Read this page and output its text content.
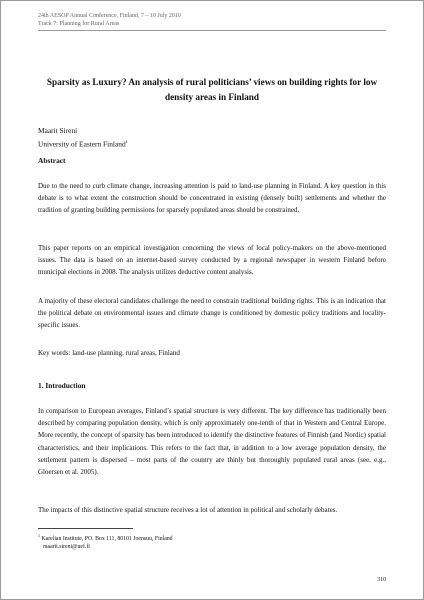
24th AESOP Annual Conference, Finland, 7 – 10 July 2010
Track 7: Planning for Rural Areas
Sparsity as Luxury? An analysis of rural politicians’ views on building rights for low density areas in Finland
Maarit Sireni
University of Eastern Finland$^1$
Abstract
Due to the need to curb climate change, increasing attention is paid to land-use planning in Finland. A key question in this debate is to what extent the construction should be concentrated in existing (densely built) settlements and whether the tradition of granting building permissions for sparsely populated areas should be constrained.
This paper reports on an empirical investigation concerning the views of local policy-makers on the above-mentioned issues. The data is based on an internet-based survey conducted by a regional newspaper in western Finland before municipal elections in 2008. The analysis utilizes deductive content analysis.
A majority of these electoral candidates challenge the need to constrain traditional building rights. This is an indication that the political debate on environmental issues and climate change is conditioned by domestic policy traditions and locality-specific issues.
Key words: land-use planning, rural areas, Finland
1. Introduction
In comparison to European averages, Finland’s spatial structure is very different. The key difference has traditionally been described by comparing population density, which is only approximately one-tenth of that in Western and Central Europe. More recently, the concept of sparsity has been introduced to identify the distinctive features of Finnish (and Nordic) spatial characteristics, and their implications. This refers to the fact that, in addition to a low average population density, the settlement pattern is dispersed – most parts of the country are thinly but thoroughly populated rural areas (see, e.g., Gloersen et al. 2005).
The impacts of this distinctive spatial structure receives a lot of attention in political and scholarly debates.
$^1$ Karelian Institute, PO. Box 111, 80101 Joensuu, Finland
maarit.sireni@uef.fi
310
